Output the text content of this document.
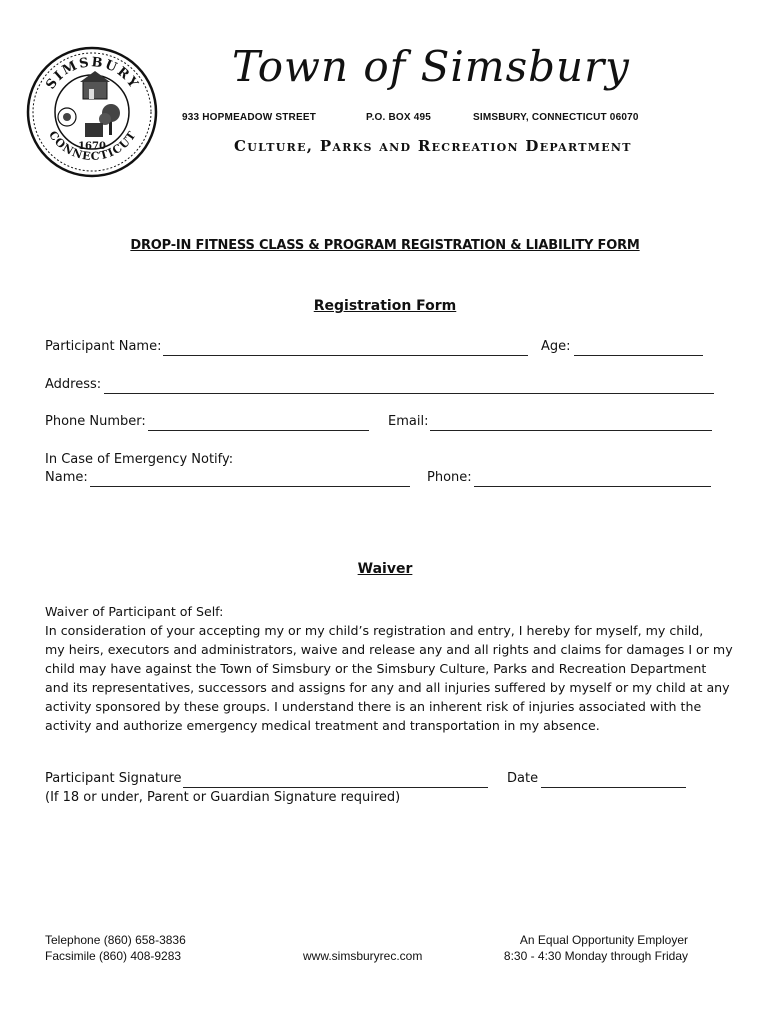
SIMSBURY
CONNECTICUT
1670
Town of Simsbury
933 HOPMEADOW STREET	P.O. BOX 495	SIMSBURY, CONNECTICUT 06070
Culture, Parks and Recreation Department
DROP-IN FITNESS CLASS & PROGRAM REGISTRATION & LIABILITY FORM
Registration Form
Participant Name:	Age:
Address:
Phone Number:	Email:
In Case of Emergency Notify:
Name:	Phone:
Waiver

Waiver of Participant of Self:

In consideration of your accepting my or my child’s registration and entry, I hereby for myself, my child,

my heirs, executors and administrators, waive and release any and all rights and claims for damages I or my

child may have against the Town of Simsbury or the Simsbury Culture, Parks and Recreation Department

and its representatives, successors and assigns for any and all injuries suffered by myself or my child at any

activity sponsored by these groups. I understand there is an inherent risk of injuries associated with the

activity and authorize emergency medical treatment and transportation in my absence.

Participant Signature	Date
(If 18 or under, Parent or Guardian Signature required)
Telephone (860) 658-3836
Facsimile (860) 408-9283	www.simsburyrec.com
An Equal Opportunity Employer
8:30 - 4:30 Monday through Friday
